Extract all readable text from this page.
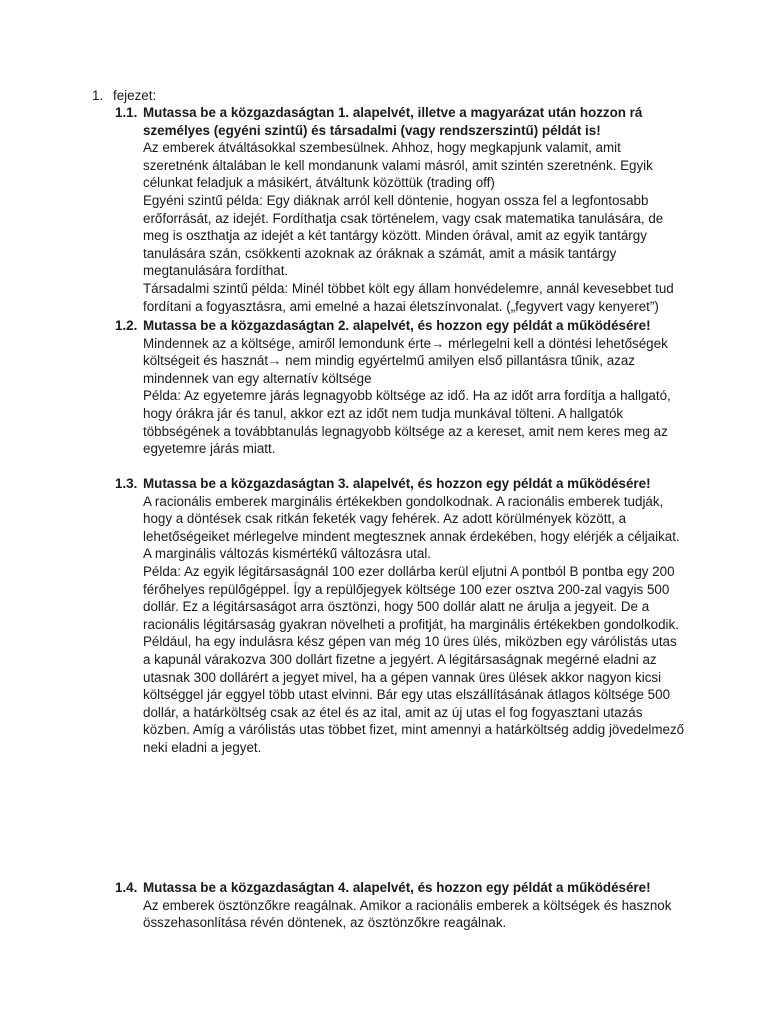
1. fejezet:
1.1. Mutassa be a közgazdaságtan 1. alapelvét, illetve a magyarázat után hozzon rá személyes (egyéni szintű) és társadalmi (vagy rendszerszintű) példát is!
Az emberek átváltásokkal szembesülnek. Ahhoz, hogy megkapjunk valamit, amit szeretnénk általában le kell mondanunk valami másról, amit szintén szeretnénk. Egyik célunkat feladjuk a másikért, átváltunk közöttük (trading off)
Egyéni szintű példa: Egy diáknak arról kell döntenie, hogyan ossza fel a legfontosabb erőforrását, az idejét. Fordíthatja csak történelem, vagy csak matematika tanulására, de meg is oszthatja az idejét a két tantárgy között. Minden órával, amit az egyik tantárgy tanulására szán, csökkenti azoknak az óráknak a számát, amit a másik tantárgy megtanulására fordíthat.
Társadalmi szintű példa: Minél többet költ egy állam honvédelemre, annál kevesebbet tud fordítani a fogyasztásra, ami emelné a hazai életszínvonalat. („fegyvert vagy kenyeret”)
1.2. Mutassa be a közgazdaságtan 2. alapelvét, és hozzon egy példát a működésére!
Mindennek az a költsége, amiről lemondunk érte→ mérlegelni kell a döntési lehetőségek költségeit és hasznát→ nem mindig egyértelmű amilyen első pillantásra tűnik, azaz mindennek van egy alternatív költsége
Példa: Az egyetemre járás legnagyobb költsége az idő. Ha az időt arra fordítja a hallgató, hogy órákra jár és tanul, akkor ezt az időt nem tudja munkával tölteni. A hallgatók többségének a továbbtanulás legnagyobb költsége az a kereset, amit nem keres meg az egyetemre járás miatt.
1.3. Mutassa be a közgazdaságtan 3. alapelvét, és hozzon egy példát a működésére!
A racionális emberek marginális értékekben gondolkodnak. A racionális emberek tudják, hogy a döntések csak ritkán feketék vagy fehérek. Az adott körülmények között, a lehetőségeiket mérlegelve mindent megtesznek annak érdekében, hogy elérjék a céljaikat. A marginális változás kismértékű változásra utal.
Példa: Az egyik légitársaságnál 100 ezer dollárba kerül eljutni A pontból B pontba egy 200 férőhelyes repülőgéppel. Így a repülőjegyek költsége 100 ezer osztva 200-zal vagyis 500 dollár. Ez a légitársaságot arra ösztönzi, hogy 500 dollár alatt ne árulja a jegyeit. De a racionális légitársaság gyakran növelheti a profitját, ha marginális értékekben gondolkodik. Például, ha egy indulásra kész gépen van még 10 üres ülés, miközben egy várólistás utas a kapunál várakozva 300 dollárt fizetne a jegyért. A légitársaságnak megérné eladni az utasnak 300 dollárért a jegyet mivel, ha a gépen vannak üres ülések akkor nagyon kicsi költséggel jár eggyel több utast elvinni. Bár egy utas elszállításának átlagos költsége 500 dollár, a határköltség csak az étel és az ital, amit az új utas el fog fogyasztani utazás közben. Amíg a várólistás utas többet fizet, mint amennyi a határköltség addig jövedelmező neki eladni a jegyet.
1.4. Mutassa be a közgazdaságtan 4. alapelvét, és hozzon egy példát a működésére!
Az emberek ösztönzőkre reagálnak. Amikor a racionális emberek a költségek és hasznok összehasonlítása révén döntenek, az ösztönzőkre reagálnak.
